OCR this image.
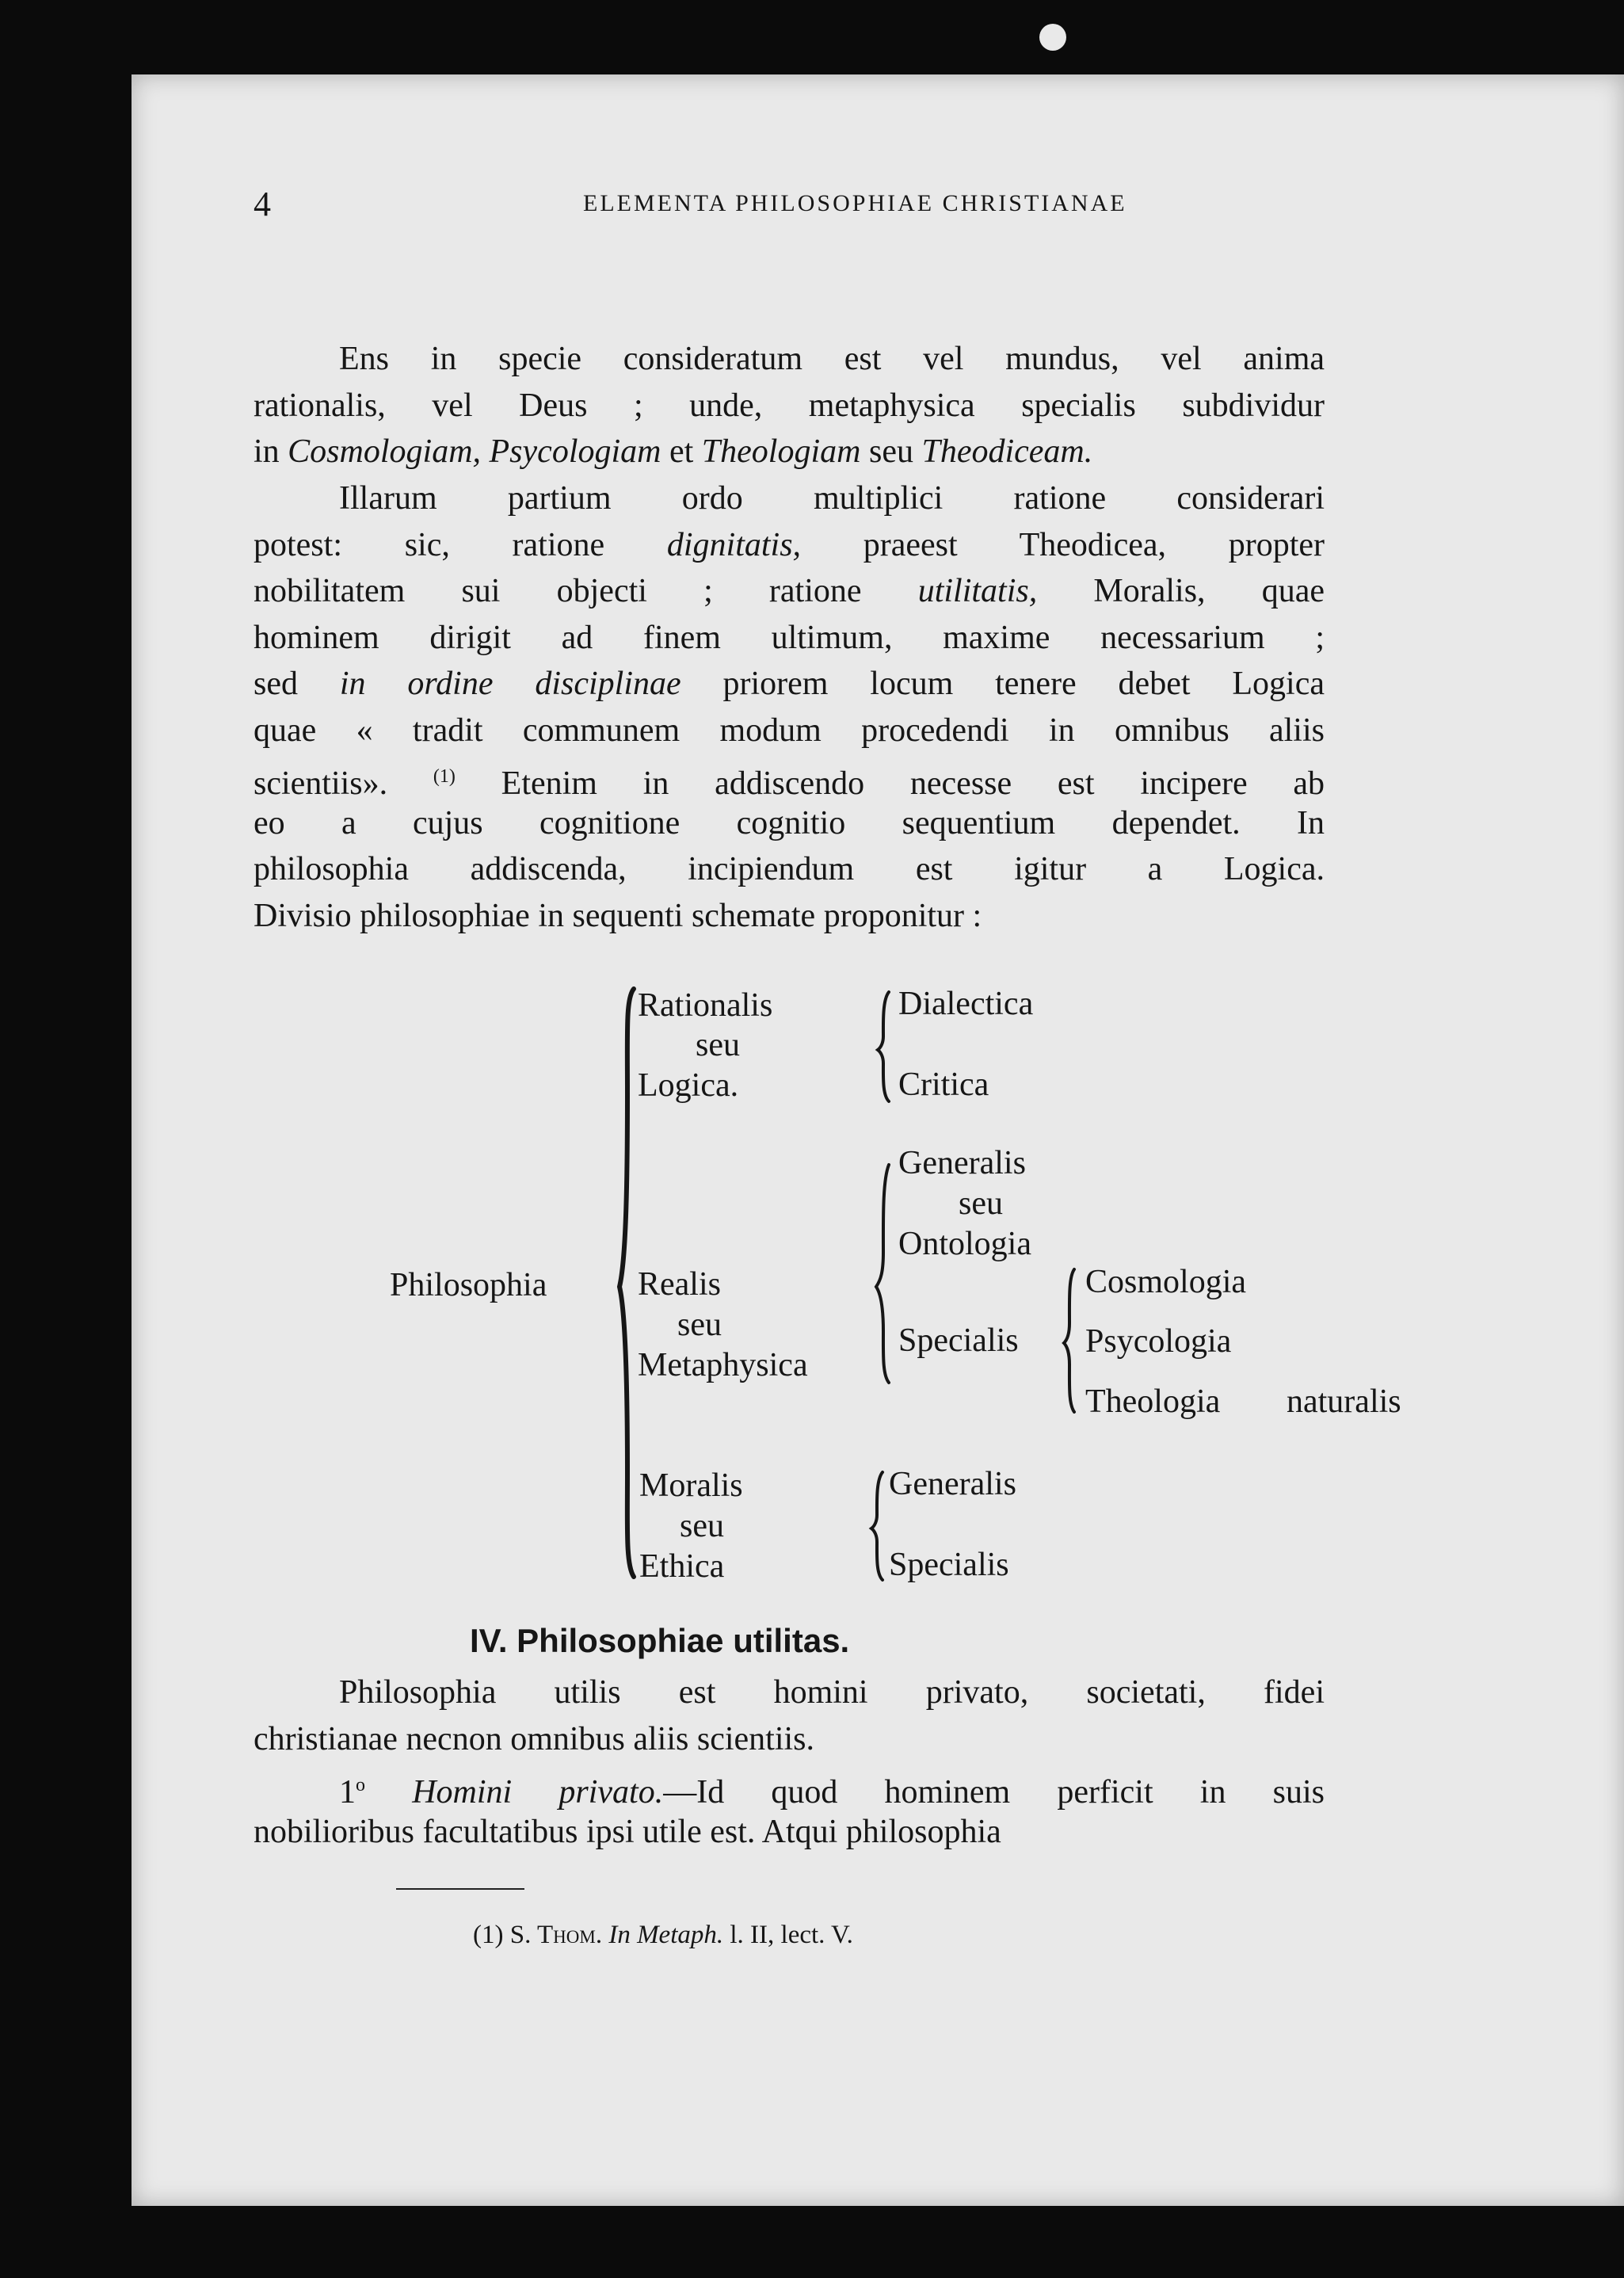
4	ELEMENTA PHILOSOPHIAE CHRISTIANAE
Ens in specie consideratum est vel mundus, vel anima
rationalis, vel Deus ; unde, metaphysica specialis subdividur
in Cosmologiam, Psycologiam et Theologiam seu Theodiceam.
Illarum partium ordo multiplici ratione considerari
potest: sic, ratione dignitatis, praeest Theodicea, propter
nobilitatem sui objecti ; ratione utilitatis, Moralis, quae
hominem dirigit ad finem ultimum, maxime necessarium ;
sed in ordine disciplinae priorem locum tenere debet Logica
quae « tradit communem modum procedendi in omnibus aliis
scientiis». $^{(1)}$ Etenim in addiscendo necesse est incipere ab
eo a cujus cognitione cognitio sequentium dependet. In
philosophia addiscenda, incipiendum est igitur a Logica.
Divisio philosophiae in sequenti schemate proponitur :
Philosophia
Rationalis
seu
Logica.
Dialectica
Critica
Generalis
seu
Ontologia
Realis
seu
Metaphysica
Specialis
Cosmologia
Psycologia
Theologia naturalis
Moralis
seu
Ethica
Generalis
Specialis
IV. Philosophiae utilitas.
Philosophia utilis est homini privato, societati, fidei
christianae necnon omnibus aliis scientiis.
1$^o$ Homini privato.—Id quod hominem perficit in suis
nobilioribus facultatibus ipsi utile est. Atqui philosophia
(1) S. Thom. In Metaph. l. II, lect. V.
